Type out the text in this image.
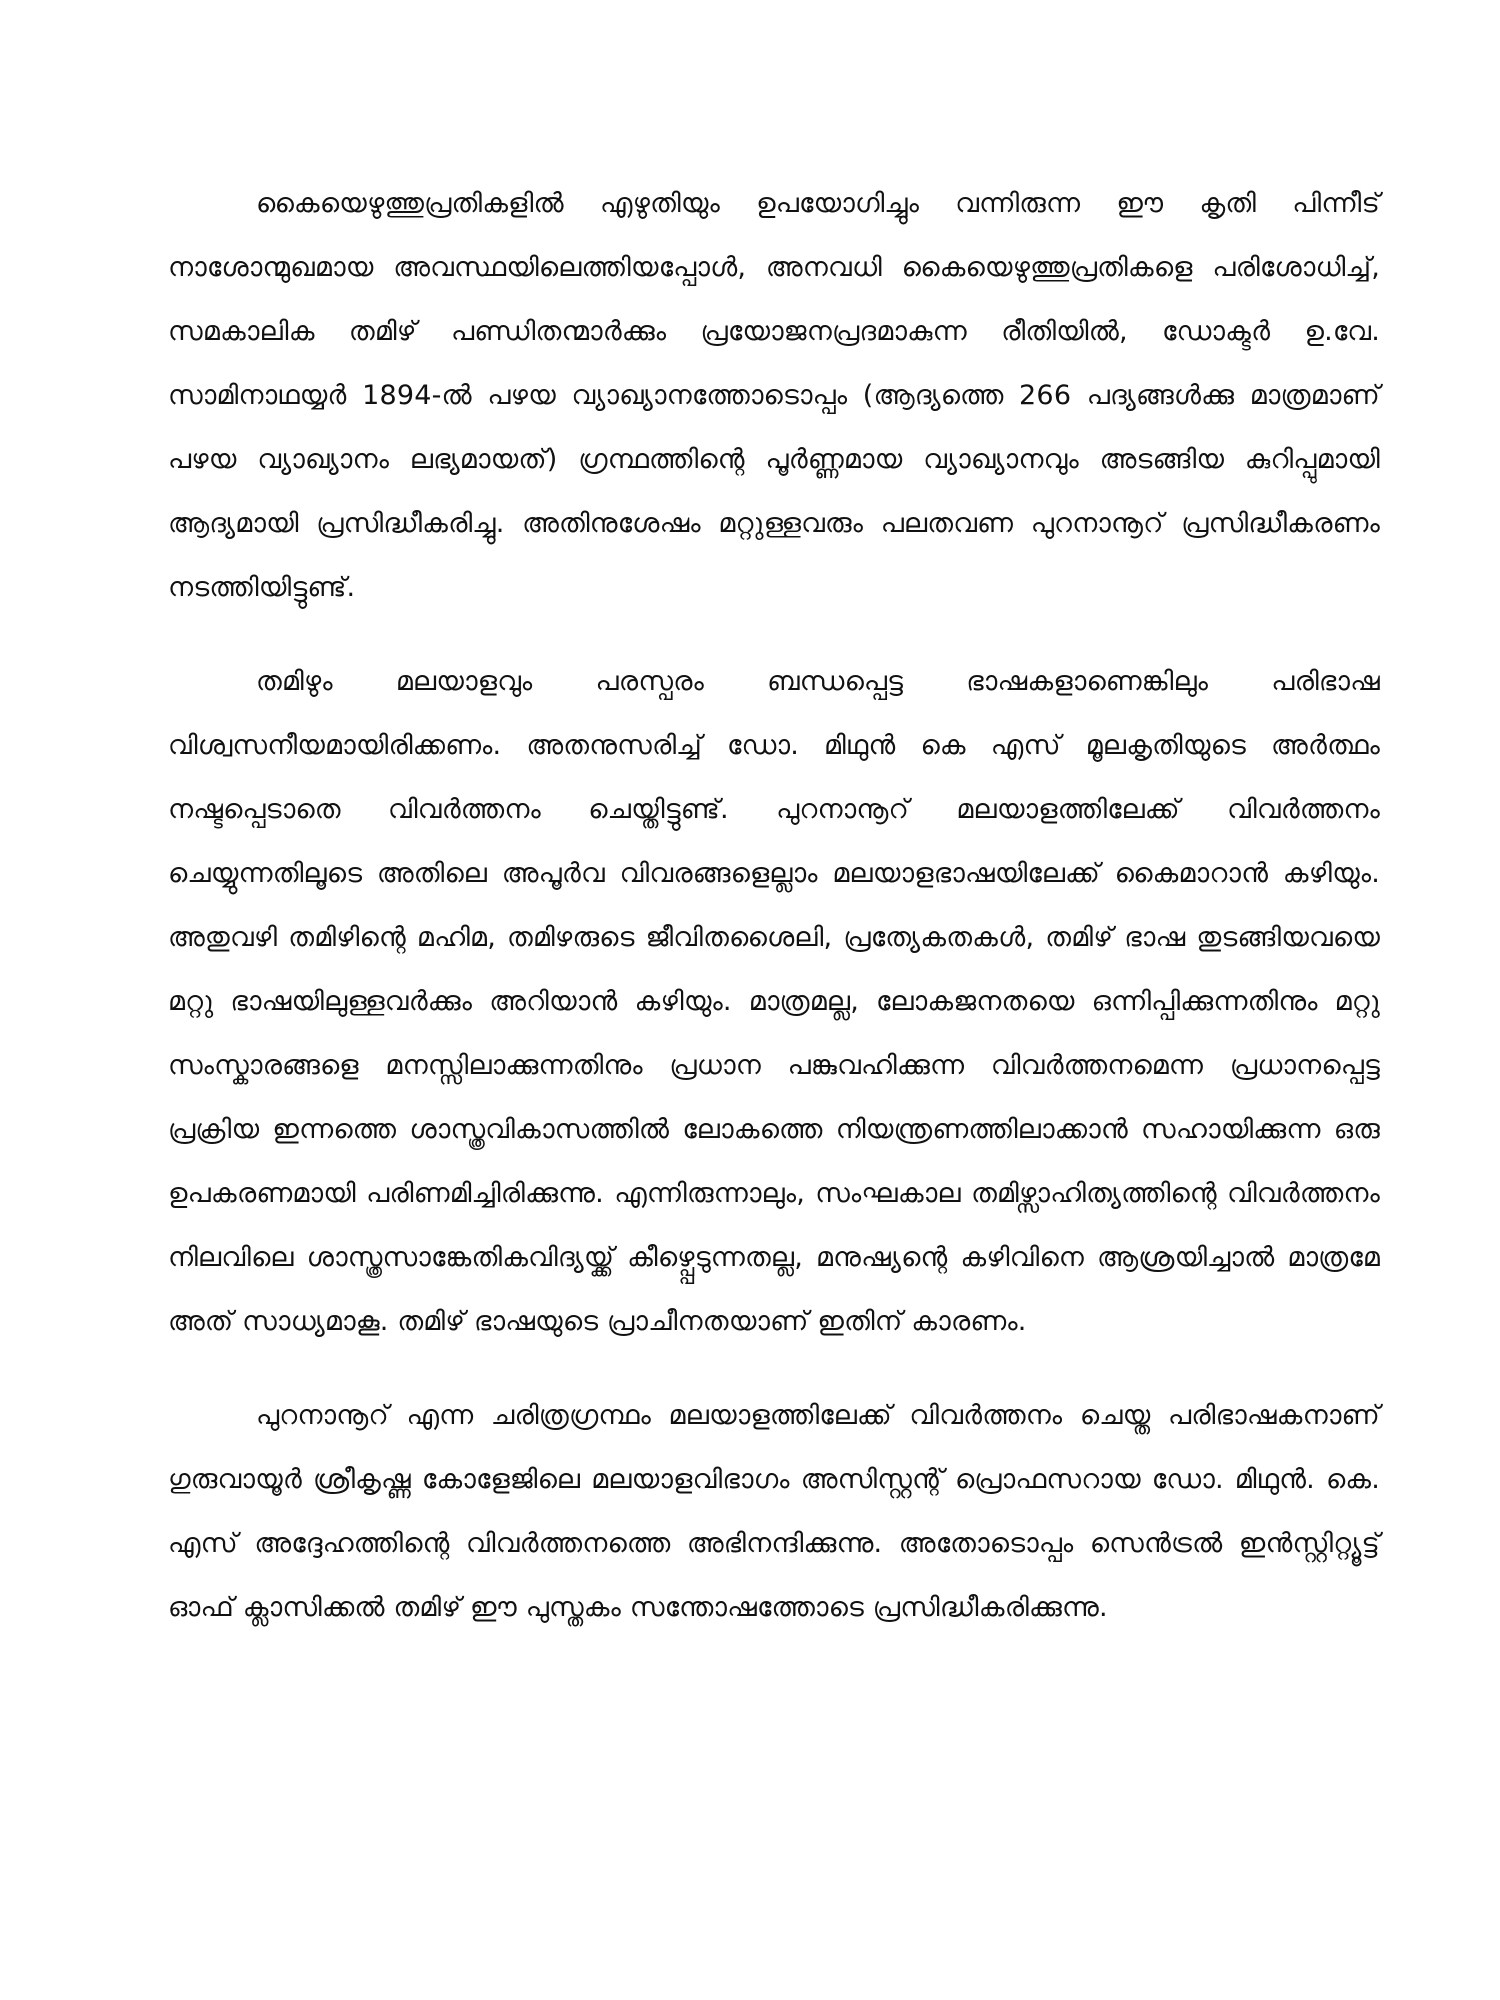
കൈയെഴുത്തുപ്രതികളിൽ എഴുതിയും ഉപയോഗിച്ചും വന്നിരുന്ന ഈ കൃതി പിന്നീട് നാശോന്മുഖമായ അവസ്ഥയിലെത്തിയപ്പോൾ, അനവധി കൈയെഴുത്തുപ്രതികളെ പരിശോധിച്ച്, സമകാലിക തമിഴ് പണ്ഡിതന്മാർക്കും പ്രയോജനപ്രദമാകുന്ന രീതിയിൽ, ഡോക്ടർ ഉ.വേ. സാമിനാഥയ്യർ 1894-ൽ പഴയ വ്യാഖ്യാനത്തോടൊപ്പം (ആദ്യത്തെ 266 പദ്യങ്ങൾക്കു മാത്രമാണ് പഴയ വ്യാഖ്യാനം ലഭ്യമായത്) ഗ്രന്ഥത്തിന്റെ പൂർണ്ണമായ വ്യാഖ്യാനവും അടങ്ങിയ കുറിപ്പുമായി ആദ്യമായി പ്രസിദ്ധീകരിച്ചു. അതിനുശേഷം മറ്റുള്ളവരും പലതവണ പുറനാനൂറ് പ്രസിദ്ധീകരണം നടത്തിയിട്ടുണ്ട്.

തമിഴും മലയാളവും പരസ്പരം ബന്ധപ്പെട്ട ഭാഷകളാണെങ്കിലും പരിഭാഷ വിശ്വസനീയമായിരിക്കണം. അതനുസരിച്ച് ഡോ. മിഥുൻ കെ എസ് മൂലകൃതിയുടെ അർത്ഥം നഷ്ടപ്പെടാതെ വിവർത്തനം ചെയ്തിട്ടുണ്ട്. പുറനാനൂറ് മലയാളത്തിലേക്ക് വിവർത്തനം ചെയ്യുന്നതിലൂടെ അതിലെ അപൂർവ വിവരങ്ങളെല്ലാം മലയാളഭാഷയിലേക്ക് കൈമാറാൻ കഴിയും. അതുവഴി തമിഴിന്റെ മഹിമ, തമിഴരുടെ ജീവിതശൈലി, പ്രത്യേകതകൾ, തമിഴ് ഭാഷ തുടങ്ങിയവയെ മറ്റു ഭാഷയിലുള്ളവർക്കും അറിയാൻ കഴിയും. മാത്രമല്ല, ലോകജനതയെ ഒന്നിപ്പിക്കുന്നതിനും മറ്റു സംസ്കാരങ്ങളെ മനസ്സിലാക്കുന്നതിനും പ്രധാന പങ്കുവഹിക്കുന്ന വിവർത്തനമെന്ന പ്രധാനപ്പെട്ട പ്രക്രിയ ഇന്നത്തെ ശാസ്ത്രവികാസത്തിൽ ലോകത്തെ നിയന്ത്രണത്തിലാക്കാൻ സഹായിക്കുന്ന ഒരു ഉപകരണമായി പരിണമിച്ചിരിക്കുന്നു. എന്നിരുന്നാലും, സംഘകാല തമിഴ്സാഹിത്യത്തിന്റെ വിവർത്തനം നിലവിലെ ശാസ്ത്രസാങ്കേതികവിദ്യയ്ക്ക് കീഴ്പ്പെടുന്നതല്ല, മനുഷ്യന്റെ കഴിവിനെ ആശ്രയിച്ചാൽ മാത്രമേ അത് സാധ്യമാകൂ. തമിഴ് ഭാഷയുടെ പ്രാചീനതയാണ് ഇതിന് കാരണം.

പുറനാനൂറ് എന്ന ചരിത്രഗ്രന്ഥം മലയാളത്തിലേക്ക് വിവർത്തനം ചെയ്ത പരിഭാഷകനാണ് ഗുരുവായൂർ ശ്രീകൃഷ്ണ കോളേജിലെ മലയാളവിഭാഗം അസിസ്റ്റന്റ് പ്രൊഫസറായ ഡോ. മിഥുൻ. കെ. എസ് അദ്ദേഹത്തിന്റെ വിവർത്തനത്തെ അഭിനന്ദിക്കുന്നു. അതോടൊപ്പം സെൻട്രൽ ഇൻസ്റ്റിറ്റ്യൂട്ട് ഓഫ് ക്ലാസിക്കൽ തമിഴ് ഈ പുസ്തകം സന്തോഷത്തോടെ പ്രസിദ്ധീകരിക്കുന്നു.
